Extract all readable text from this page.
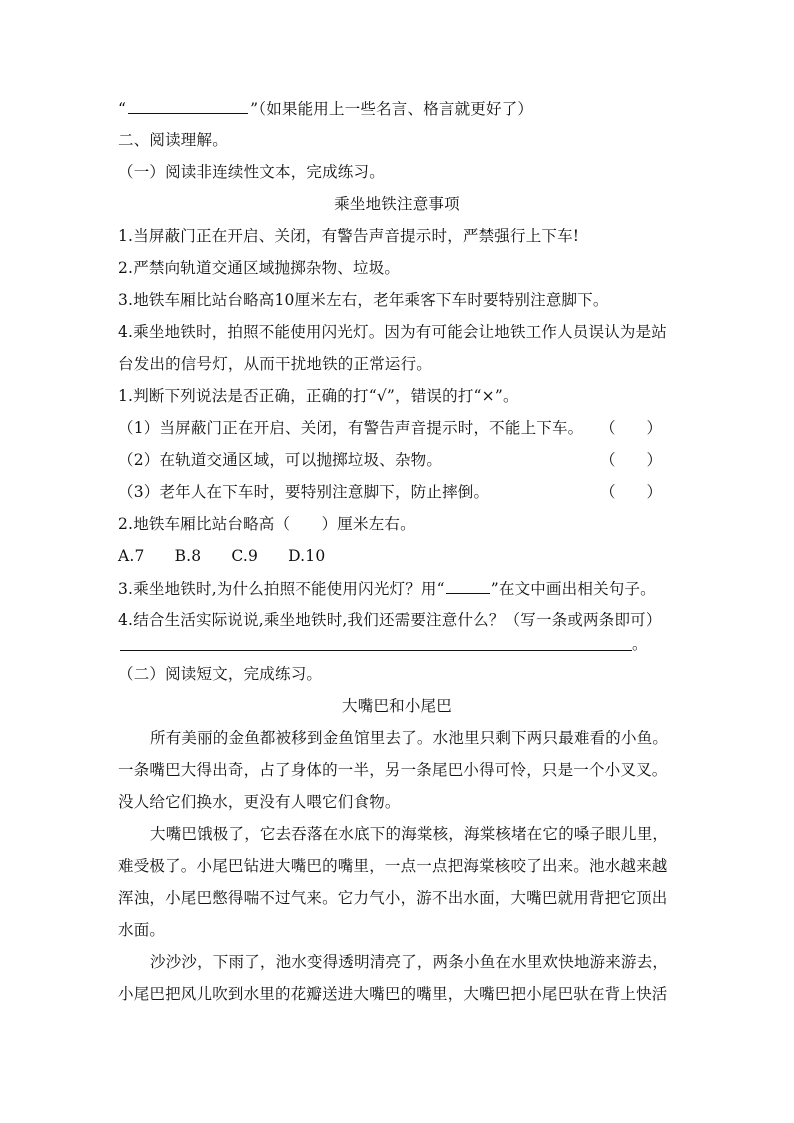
“	”（如果能用上一些名言、格言就更好了）
二、阅读理解。
（一）阅读非连续性文本，完成练习。
乘坐地铁注意事项
1.当屏蔽门正在开启、关闭，有警告声音提示时，严禁强行上下车!
2.严禁向轨道交通区域抛掷杂物、垃圾。
3.地铁车厢比站台略高10厘米左右，老年乘客下车时要特别注意脚下。
4.乘坐地铁时，拍照不能使用闪光灯。因为有可能会让地铁工作人员误认为是站
台发出的信号灯，从而干扰地铁的正常运行。
1.判断下列说法是否正确，正确的打“√”，错误的打“×”。
（1）当屏蔽门正在开启、关闭，有警告声音提示时，不能上下车。 （　　）
（2）在轨道交通区域，可以抛掷垃圾、杂物。	（　　）
（3）老年人在下车时，要特别注意脚下，防止摔倒。	（　　）
2.地铁车厢比站台略高（　　）厘米左右。
A.7 B.8 C.9 D.10
3.乘坐地铁时,为什么拍照不能使用闪光灯？用“	”在文中画出相关句子。
4.结合生活实际说说,乘坐地铁时,我们还需要注意什么？（写一条或两条即可）
。
（二）阅读短文，完成练习。
大嘴巴和小尾巴
所有美丽的金鱼都被移到金鱼馆里去了。水池里只剩下两只最难看的小鱼。
一条嘴巴大得出奇，占了身体的一半，另一条尾巴小得可怜，只是一个小叉叉。
没人给它们换水，更没有人喂它们食物。
大嘴巴饿极了，它去吞落在水底下的海棠核，海棠核堵在它的嗓子眼儿里，
难受极了。小尾巴钻进大嘴巴的嘴里，一点一点把海棠核咬了出来。池水越来越
浑浊，小尾巴憋得喘不过气来。它力气小，游不出水面，大嘴巴就用背把它顶出
水面。
沙沙沙，下雨了，池水变得透明清亮了，两条小鱼在水里欢快地游来游去，
小尾巴把风儿吹到水里的花瓣送进大嘴巴的嘴里，大嘴巴把小尾巴驮在背上快活
